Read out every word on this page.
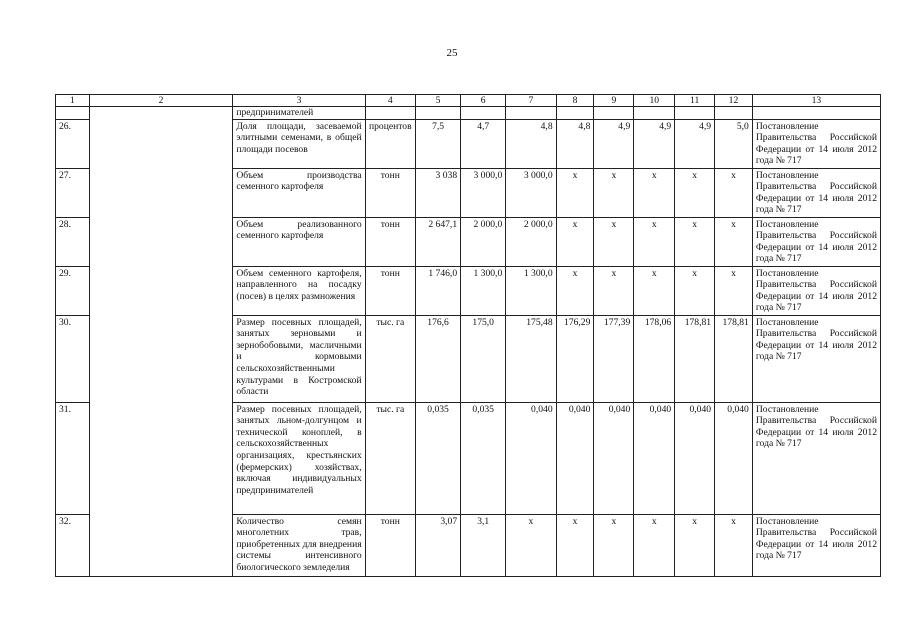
25
1	2	3	4	5	6	7	8	9	10	11	12	13
		предпринимателей										
26.		Доля площади, засеваемой элитными семенами, в общей площади посевов	процентов	7,5	4,7	4,8	4,8	4,9	4,9	4,9	5,0	Постановление Правительства Российской Федерации от 14 июля 2012 года № 717
27.		Объем производства семенного картофеля	тонн	3 038	3 000,0	3 000,0	x	x	x	x	x	Постановление Правительства Российской Федерации от 14 июля 2012 года № 717
28.		Объем реализованного семенного картофеля	тонн	2 647,1	2 000,0	2 000,0	x	x	x	x	x	Постановление Правительства Российской Федерации от 14 июля 2012 года № 717
29.		Объем семенного картофеля, направленного на посадку (посев) в целях размножения	тонн	1 746,0	1 300,0	1 300,0	x	x	x	x	x	Постановление Правительства Российской Федерации от 14 июля 2012 года № 717
30.		Размер посевных площадей, занятых зерновыми и зернобобовыми, масличными и кормовыми сельскохозяйственными культурами в Костромской области	тыс. га	176,6	175,0	175,48	176,29	177,39	178,06	178,81	178,81	Постановление Правительства Российской Федерации от 14 июля 2012 года № 717
31.		Размер посевных площадей, занятых льном-долгунцом и технической коноплей, в сельскохозяйственных организациях, крестьянских (фермерских) хозяйствах, включая индивидуальных предпринимателей	тыс. га	0,035	0,035	0,040	0,040	0,040	0,040	0,040	0,040	Постановление Правительства Российской Федерации от 14 июля 2012 года № 717
32.		Количество семян многолетних трав, приобретенных для внедрения системы интенсивного биологического земледелия	тонн	3,07	3,1	x	x	x	x	x	x	Постановление Правительства Российской Федерации от 14 июля 2012 года № 717
